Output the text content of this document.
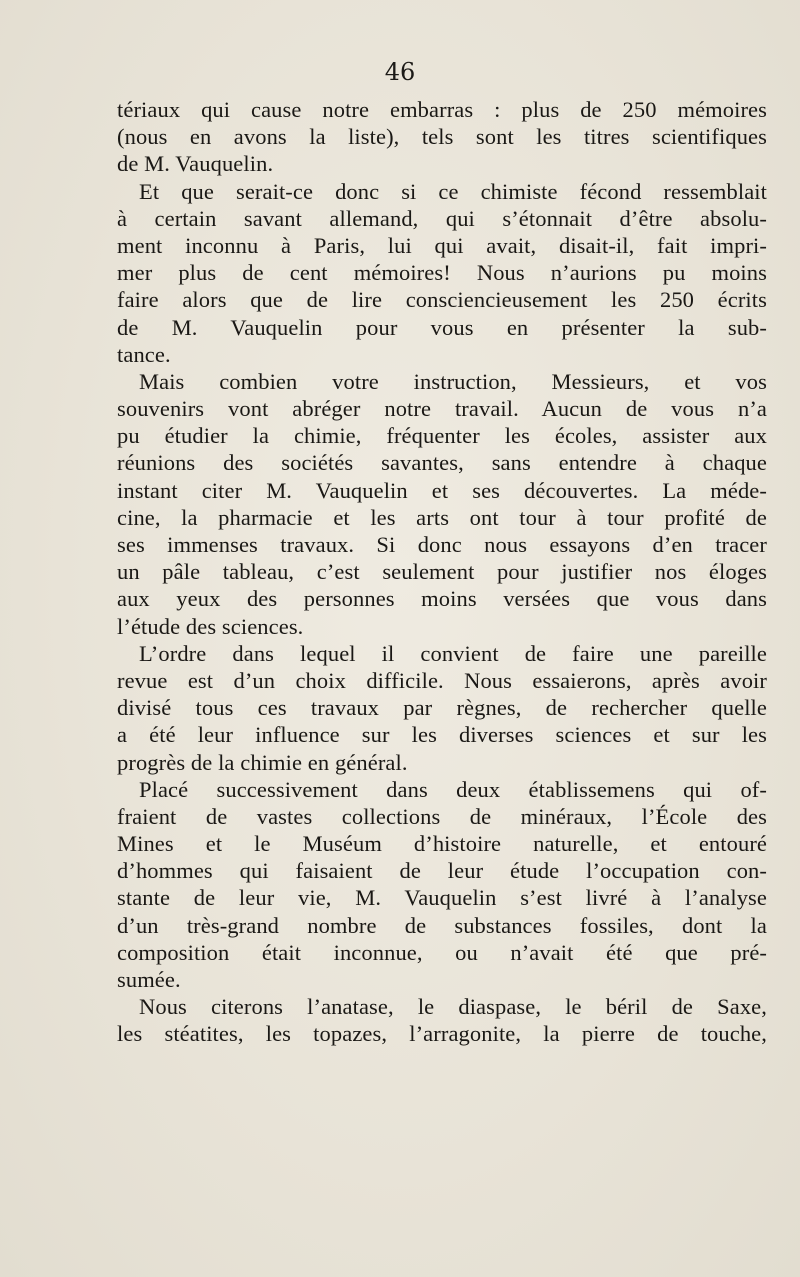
46
tériaux qui cause notre embarras : plus de 250 mémoires
(nous en avons la liste), tels sont les titres scientifiques
de M. Vauquelin.
Et que serait-ce donc si ce chimiste fécond ressemblait
à certain savant allemand, qui s’étonnait d’être absolu-
ment inconnu à Paris, lui qui avait, disait-il, fait impri-
mer plus de cent mémoires! Nous n’aurions pu moins
faire alors que de lire consciencieusement les 250 écrits
de M. Vauquelin pour vous en présenter la sub-
tance.
Mais combien votre instruction, Messieurs, et vos
souvenirs vont abréger notre travail. Aucun de vous n’a
pu étudier la chimie, fréquenter les écoles, assister aux
réunions des sociétés savantes, sans entendre à chaque
instant citer M. Vauquelin et ses découvertes. La méde-
cine, la pharmacie et les arts ont tour à tour profité de
ses immenses travaux. Si donc nous essayons d’en tracer
un pâle tableau, c’est seulement pour justifier nos éloges
aux yeux des personnes moins versées que vous dans
l’étude des sciences.
L’ordre dans lequel il convient de faire une pareille
revue est d’un choix difficile. Nous essaierons, après avoir
divisé tous ces travaux par règnes, de rechercher quelle
a été leur influence sur les diverses sciences et sur les
progrès de la chimie en général.
Placé successivement dans deux établissemens qui of-
fraient de vastes collections de minéraux, l’École des
Mines et le Muséum d’histoire naturelle, et entouré
d’hommes qui faisaient de leur étude l’occupation con-
stante de leur vie, M. Vauquelin s’est livré à l’analyse
d’un très-grand nombre de substances fossiles, dont la
composition était inconnue, ou n’avait été que pré-
sumée.
Nous citerons l’anatase, le diaspase, le béril de Saxe,
les stéatites, les topazes, l’arragonite, la pierre de touche,
